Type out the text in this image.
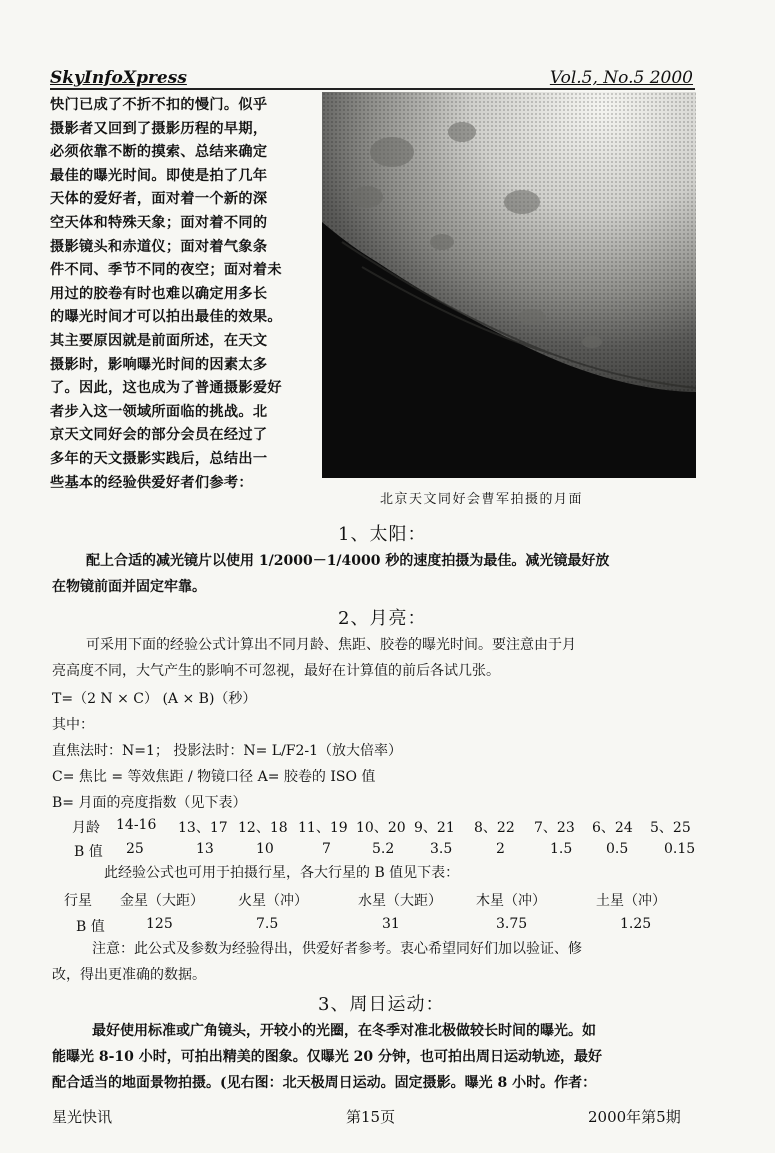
SkyInfoXpress	Vol.5, No.5 2000
快门已成了不折不扣的慢门。似乎
摄影者又回到了摄影历程的早期，
必须依靠不断的摸索、总结来确定
最佳的曝光时间。即使是拍了几年
天体的爱好者，面对着一个新的深
空天体和特殊天象；面对着不同的
摄影镜头和赤道仪；面对着气象条
件不同、季节不同的夜空；面对着未
用过的胶卷有时也难以确定用多长
的曝光时间才可以拍出最佳的效果。
其主要原因就是前面所述，在天文
摄影时，影响曝光时间的因素太多
了。因此，这也成为了普通摄影爱好
者步入这一领域所面临的挑战。北
京天文同好会的部分会员在经过了
多年的天文摄影实践后，总结出一
些基本的经验供爱好者们参考：
北京天文同好会曹军拍摄的月面
1、太阳：
配上合适的减光镜片以使用 1/2000－1/4000 秒的速度拍摄为最佳。减光镜最好放
在物镜前面并固定牢靠。
2、月亮：
可采用下面的经验公式计算出不同月龄、焦距、胶卷的曝光时间。要注意由于月
亮高度不同，大气产生的影响不可忽视，最好在计算值的前后各试几张。
T=（2 N × C） (A × B)（秒）
其中：
直焦法时：N=1； 投影法时：N= L/F2-1（放大倍率）
C= 焦比 = 等效焦距 / 物镜口径 A= 胶卷的 ISO 值
B= 月面的亮度指数（见下表）
月龄 14-16 13、17 12、18 11、19 10、20 9、21 8、22 7、23 6、24 5、25
B 值 25	13	10	7	5.2	3.5	2	1.5 0.5	0.15
此经验公式也可用于拍摄行星，各大行星的 B 值见下表：
行星 金星（大距） 火星（冲）	水星（大距） 木星（冲）	土星（冲）
B 值	125	7.5	31	3.75	1.25
注意：此公式及参数为经验得出，供爱好者参考。衷心希望同好们加以验证、修
改，得出更准确的数据。
3、周日运动：
最好使用标准或广角镜头，开较小的光圈，在冬季对准北极做较长时间的曝光。如
能曝光 8-10 小时，可拍出精美的图象。仅曝光 20 分钟，也可拍出周日运动轨迹，最好
配合适当的地面景物拍摄。(见右图：北天极周日运动。固定摄影。曝光 8 小时。作者：
星光快讯	第15页	2000年第5期
